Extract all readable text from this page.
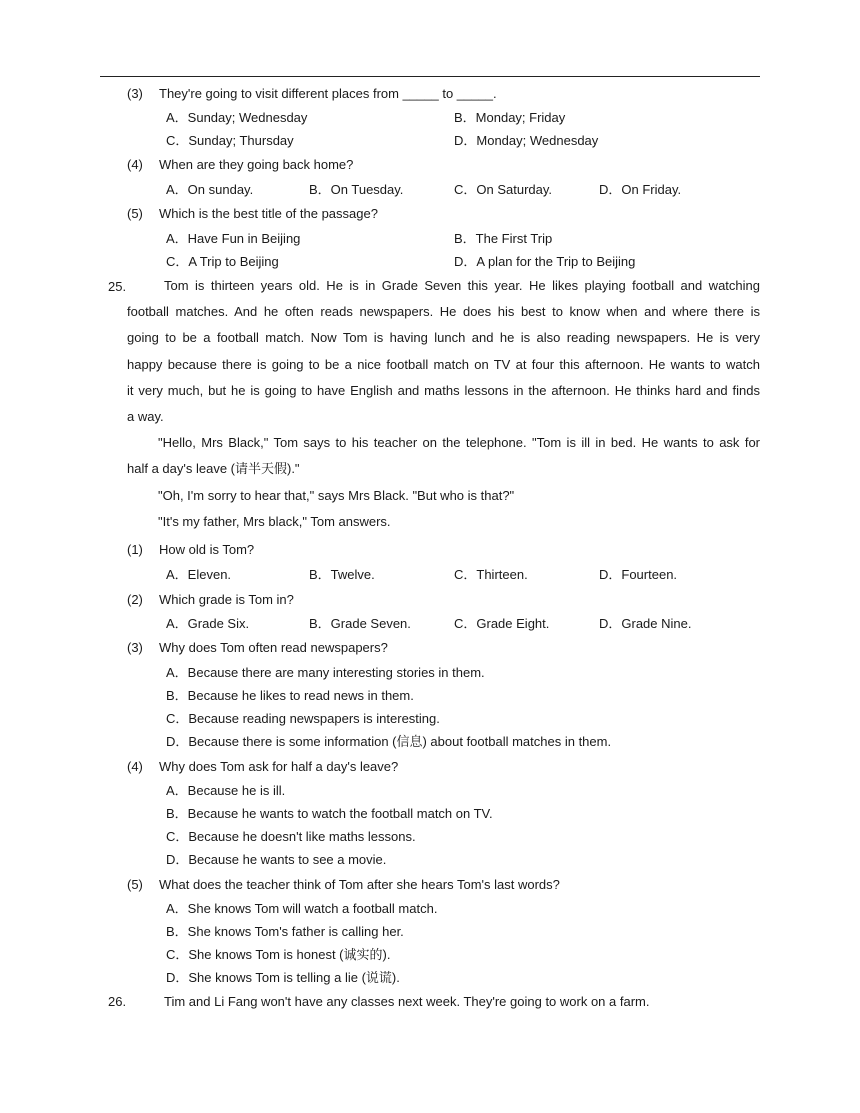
(3) They're going to visit different places from _____ to _____.
A．Sunday; Wednesday	B．Monday; Friday
C．Sunday; Thursday	D．Monday; Wednesday
(4) When are they going back home?
A．On sunday.	B．On Tuesday.	C．On Saturday.	D．On Friday.
(5) Which is the best title of the passage?
A．Have Fun in Beijing	B．The First Trip
C．A Trip to Beijing	D．A plan for the Trip to Beijing
25.	Tom is thirteen years old. He is in Grade Seven this year. He likes playing football and watching
football matches. And he often reads newspapers. He does his best to know when and where there is
going to be a football match. Now Tom is having lunch and he is also reading newspapers. He is very
happy because there is going to be a nice football match on TV at four this afternoon. He wants to watch
it very much, but he is going to have English and maths lessons in the afternoon. He thinks hard and finds
a way.
"Hello, Mrs Black," Tom says to his teacher on the telephone. "Tom is ill in bed. He wants to ask for
half a day's leave (请半天假)."
"Oh, I'm sorry to hear that," says Mrs Black. "But who is that?"
"It's my father, Mrs black," Tom answers.
(1) How old is Tom?
A．Eleven.	B．Twelve.	C．Thirteen.	D．Fourteen.
(2) Which grade is Tom in?
A．Grade Six.	B．Grade Seven.	C．Grade Eight.	D．Grade Nine.
(3) Why does Tom often read newspapers?
A．Because there are many interesting stories in them.
B．Because he likes to read news in them.
C．Because reading newspapers is interesting.
D．Because there is some information (信息) about football matches in them.
(4) Why does Tom ask for half a day's leave?
A．Because he is ill.
B．Because he wants to watch the football match on TV.
C．Because he doesn't like maths lessons.
D．Because he wants to see a movie.
(5) What does the teacher think of Tom after she hears Tom's last words?
A．She knows Tom will watch a football match.
B．She knows Tom's father is calling her.
C．She knows Tom is honest (诚实的).
D．She knows Tom is telling a lie (说谎).
26.	Tim and Li Fang won't have any classes next week. They're going to work on a farm.
